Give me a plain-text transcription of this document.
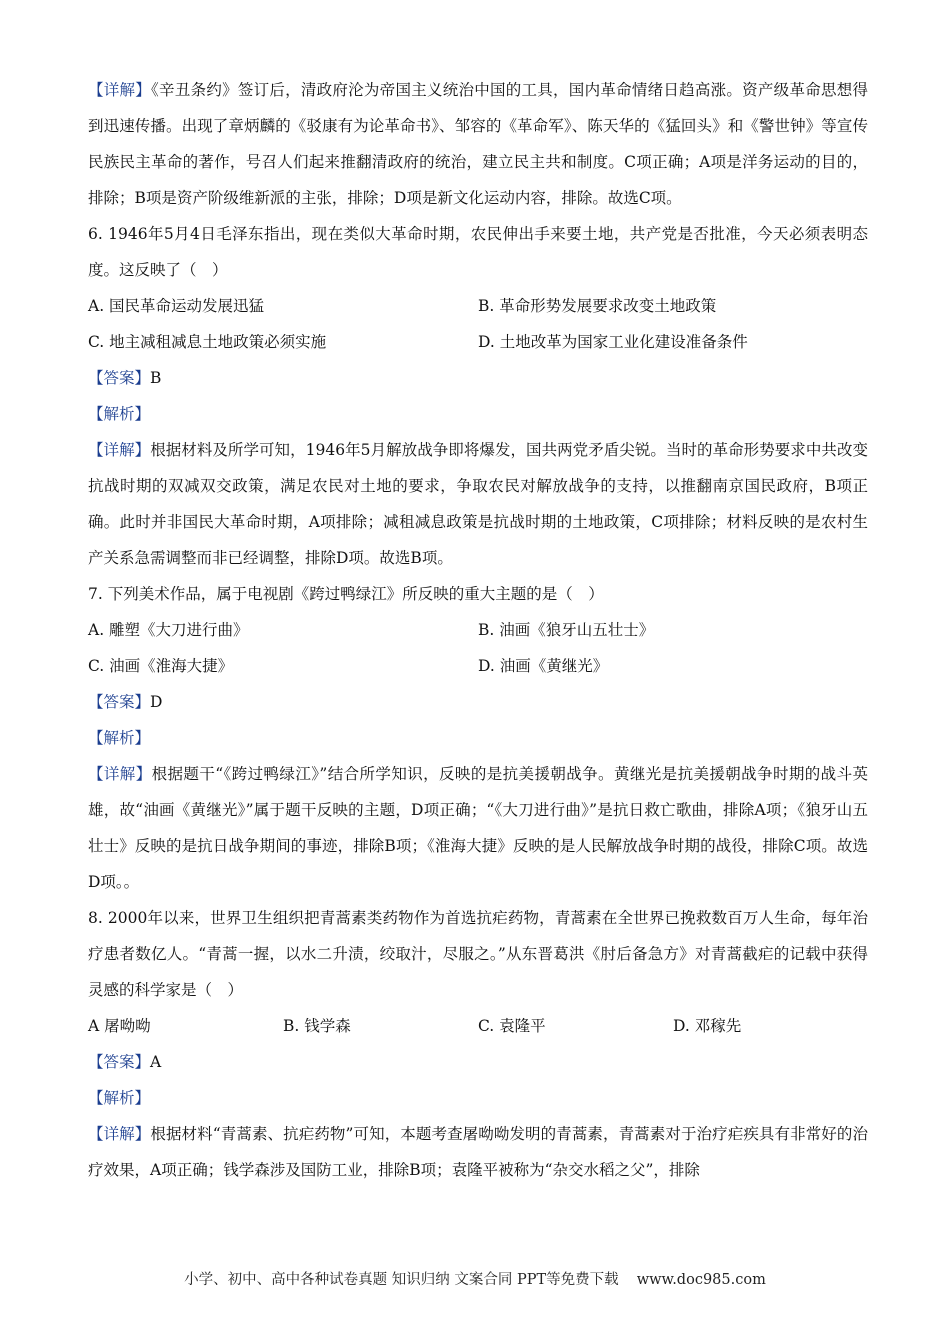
【详解】《辛丑条约》签订后，清政府沦为帝国主义统治中国的工具，国内革命情绪日趋高涨。资产级革命思想得到迅速传播。出现了章炳麟的《驳康有为论革命书》、邹容的《革命军》、陈天华的《猛回头》和《警世钟》等宣传民族民主革命的著作，号召人们起来推翻清政府的统治，建立民主共和制度。C项正确；A项是洋务运动的目的，排除；B项是资产阶级维新派的主张，排除；D项是新文化运动内容，排除。故选C项。

6. 1946年5月4日毛泽东指出，现在类似大革命时期，农民伸出手来要土地，共产党是否批准，今天必须表明态度。这反映了（　）

A. 国民革命运动发展迅猛	B. 革命形势发展要求改变土地政策
C. 地主减租减息土地政策必须实施	D. 土地改革为国家工业化建设准备条件

【答案】B

【解析】

【详解】根据材料及所学可知，1946年5月解放战争即将爆发，国共两党矛盾尖锐。当时的革命形势要求中共改变抗战时期的双减双交政策，满足农民对土地的要求，争取农民对解放战争的支持，以推翻南京国民政府，B项正确。此时并非国民大革命时期，A项排除；减租减息政策是抗战时期的土地政策，C项排除；材料反映的是农村生产关系急需调整而非已经调整，排除D项。故选B项。

7. 下列美术作品，属于电视剧《跨过鸭绿江》所反映的重大主题的是（　）

A. 雕塑《大刀进行曲》	B. 油画《狼牙山五壮士》
C. 油画《淮海大捷》	D. 油画《黄继光》

【答案】D

【解析】

【详解】根据题干“《跨过鸭绿江》”结合所学知识，反映的是抗美援朝战争。黄继光是抗美援朝战争时期的战斗英雄，故“油画《黄继光》”属于题干反映的主题，D项正确；“《大刀进行曲》”是抗日救亡歌曲，排除A项；《狼牙山五壮士》反映的是抗日战争期间的事迹，排除B项；《淮海大捷》反映的是人民解放战争时期的战役，排除C项。故选D项。。

8. 2000年以来，世界卫生组织把青蒿素类药物作为首选抗疟药物，青蒿素在全世界已挽救数百万人生命，每年治疗患者数亿人。“青蒿一握，以水二升渍，绞取汁，尽服之。”从东晋葛洪《肘后备急方》对青蒿截疟的记载中获得灵感的科学家是（　）

A 屠呦呦	B. 钱学森	C. 袁隆平	D. 邓稼先

【答案】A

【解析】

【详解】根据材料“青蒿素、抗疟药物”可知，本题考查屠呦呦发明的青蒿素，青蒿素对于治疗疟疾具有非常好的治疗效果，A项正确；钱学森涉及国防工业，排除B项；袁隆平被称为“杂交水稻之父”，排除

小学、初中、高中各种试卷真题 知识归纳 文案合同 PPT等免费下载 www.doc985.com
